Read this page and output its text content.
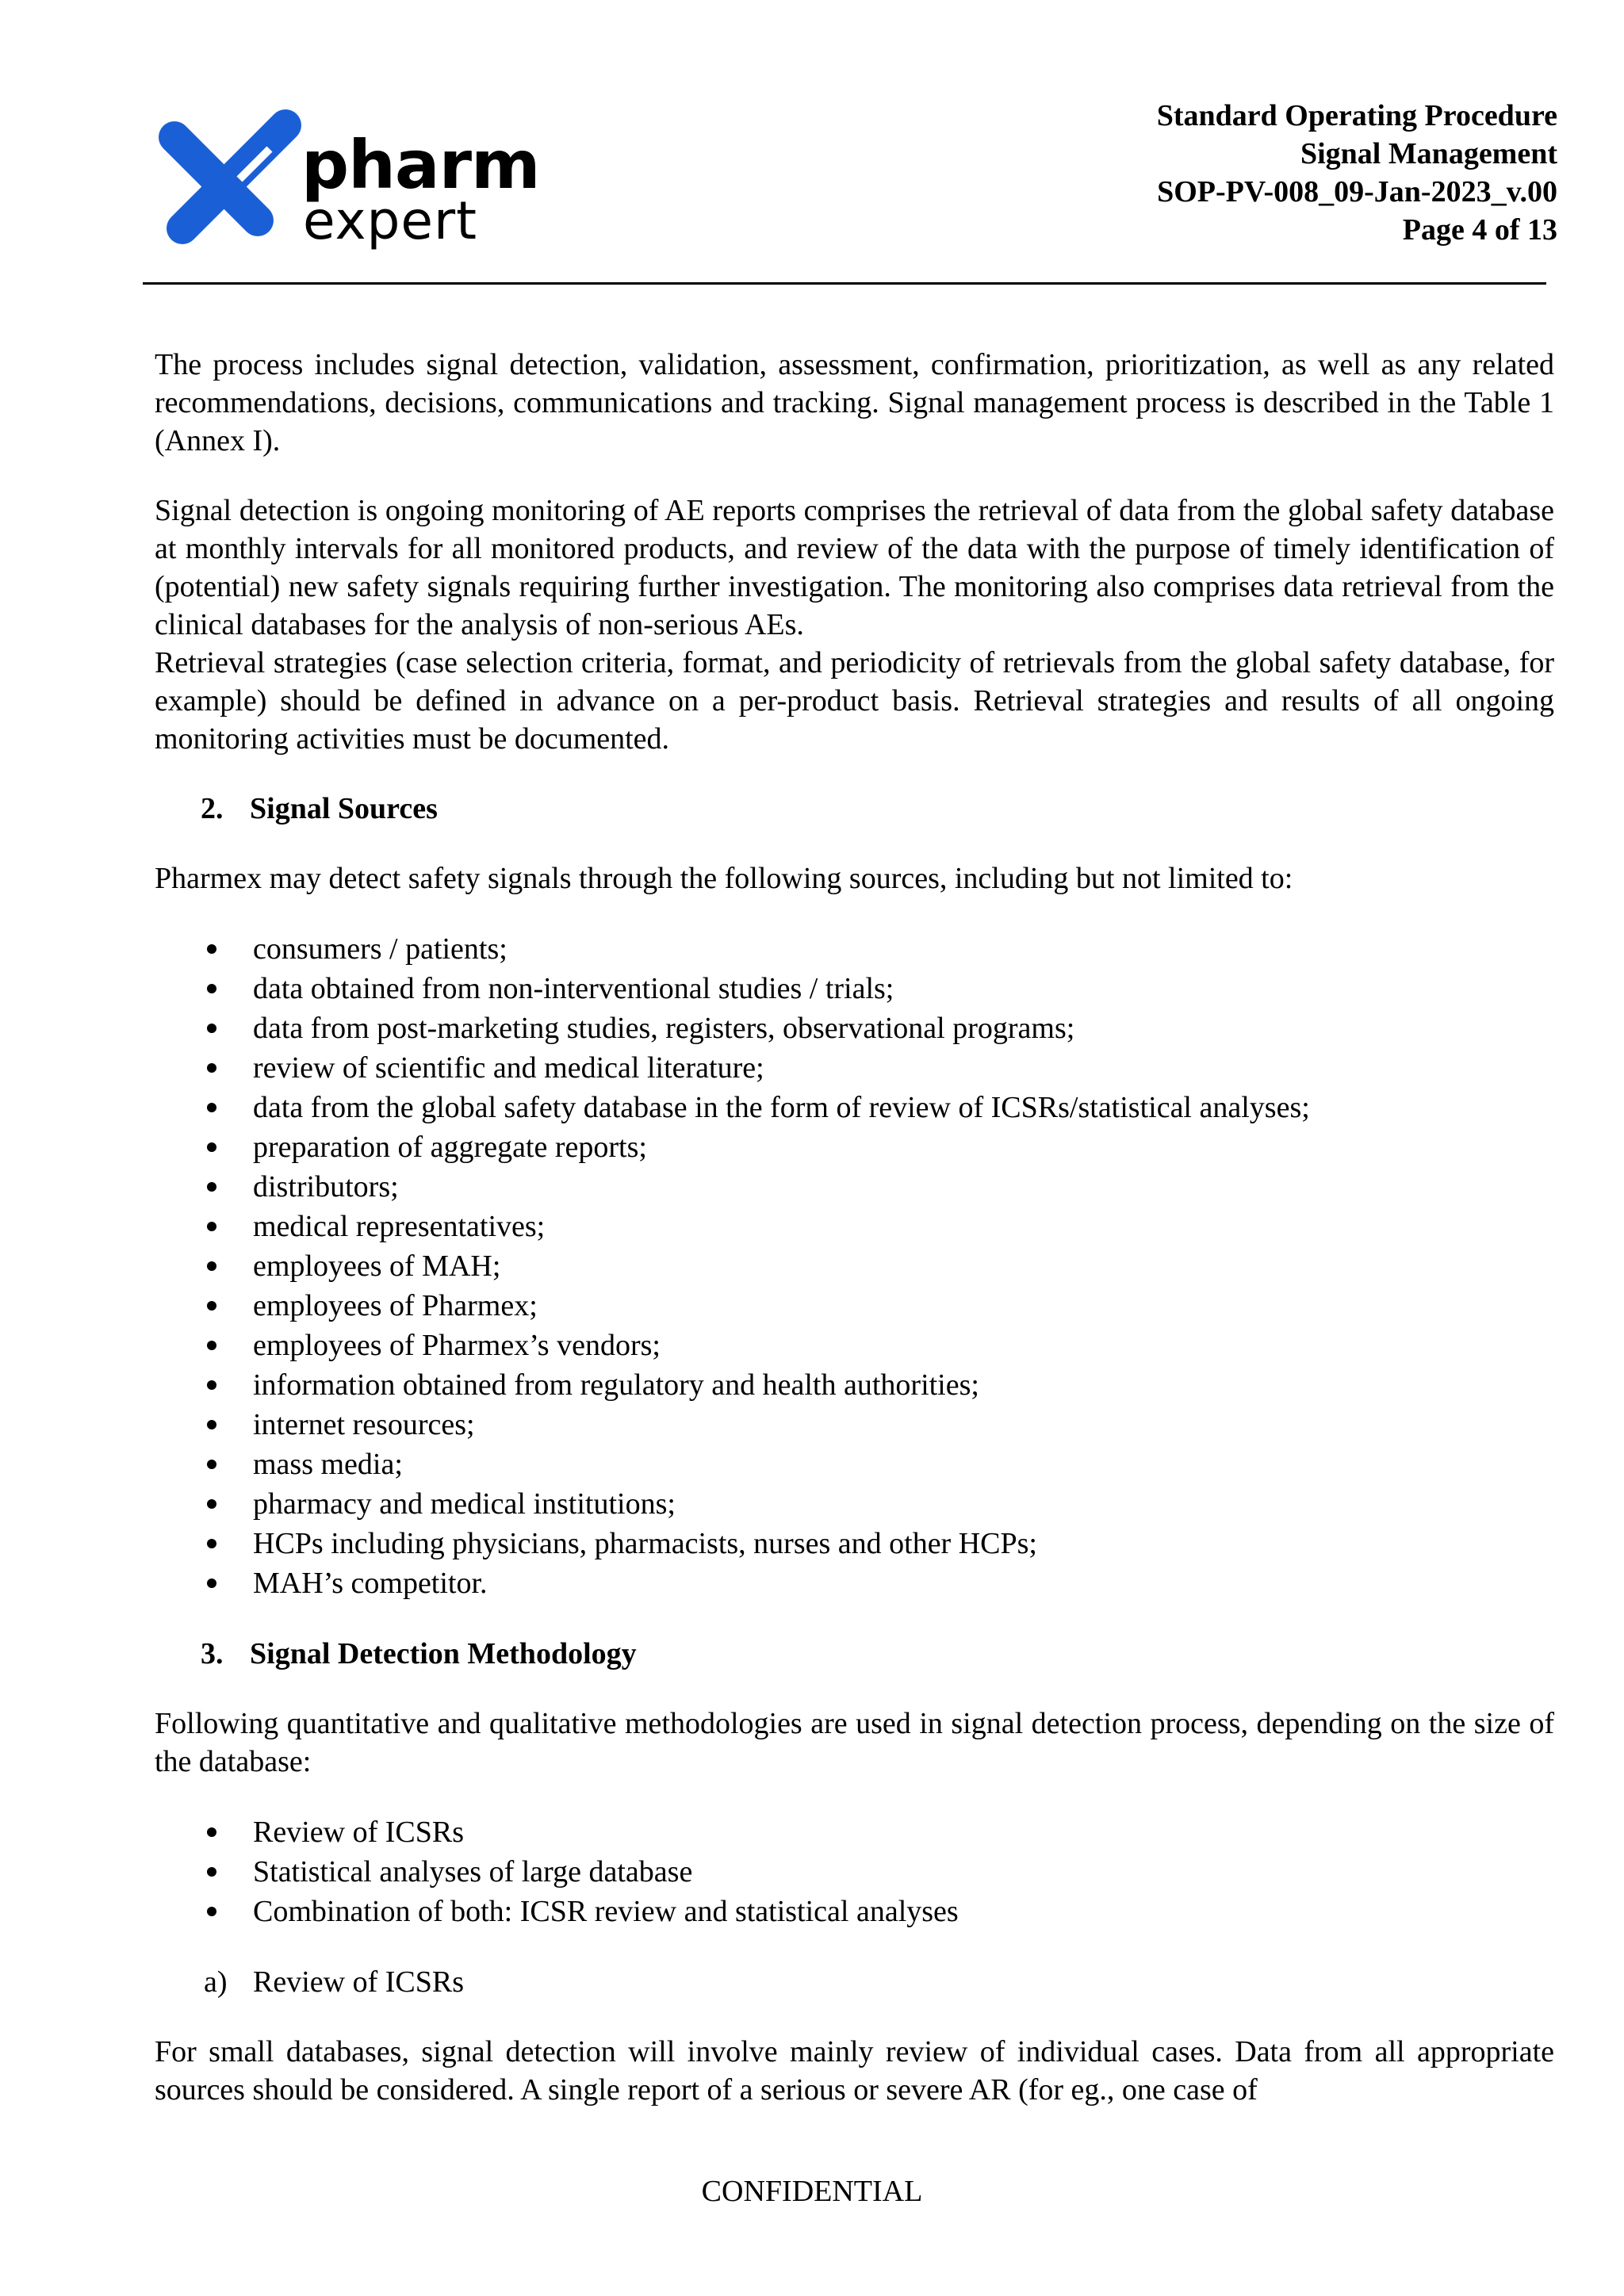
pharm
expert
Standard Operating Procedure
Signal Management
SOP-PV-008_09-Jan-2023_v.00
Page 4 of 13

The process includes signal detection, validation, assessment, confirmation, prioritization, as well as any related recommendations, decisions, communications and tracking. Signal management process is described in the Table 1 (Annex I).

Signal detection is ongoing monitoring of AE reports comprises the retrieval of data from the global safety database at monthly intervals for all monitored products, and review of the data with the purpose of timely identification of (potential) new safety signals requiring further investigation. The monitoring also comprises data retrieval from the clinical databases for the analysis of non-serious AEs.

Retrieval strategies (case selection criteria, format, and periodicity of retrievals from the global safety database, for example) should be defined in advance on a per-product basis. Retrieval strategies and results of all ongoing monitoring activities must be documented.

2. Signal Sources

Pharmex may detect safety signals through the following sources, including but not limited to:

consumers / patients;
data obtained from non-interventional studies / trials;
data from post-marketing studies, registers, observational programs;
review of scientific and medical literature;
data from the global safety database in the form of review of ICSRs/statistical analyses;
preparation of aggregate reports;
distributors;
medical representatives;
employees of MAH;
employees of Pharmex;
employees of Pharmex’s vendors;
information obtained from regulatory and health authorities;
internet resources;
mass media;
pharmacy and medical institutions;
HCPs including physicians, pharmacists, nurses and other HCPs;
MAH’s competitor.
3. Signal Detection Methodology

Following quantitative and qualitative methodologies are used in signal detection process, depending on the size of the database:

Review of ICSRs
Statistical analyses of large database
Combination of both: ICSR review and statistical analyses
a) Review of ICSRs

For small databases, signal detection will involve mainly review of individual cases. Data from all appropriate sources should be considered. A single report of a serious or severe AR (for eg., one case of

CONFIDENTIAL
